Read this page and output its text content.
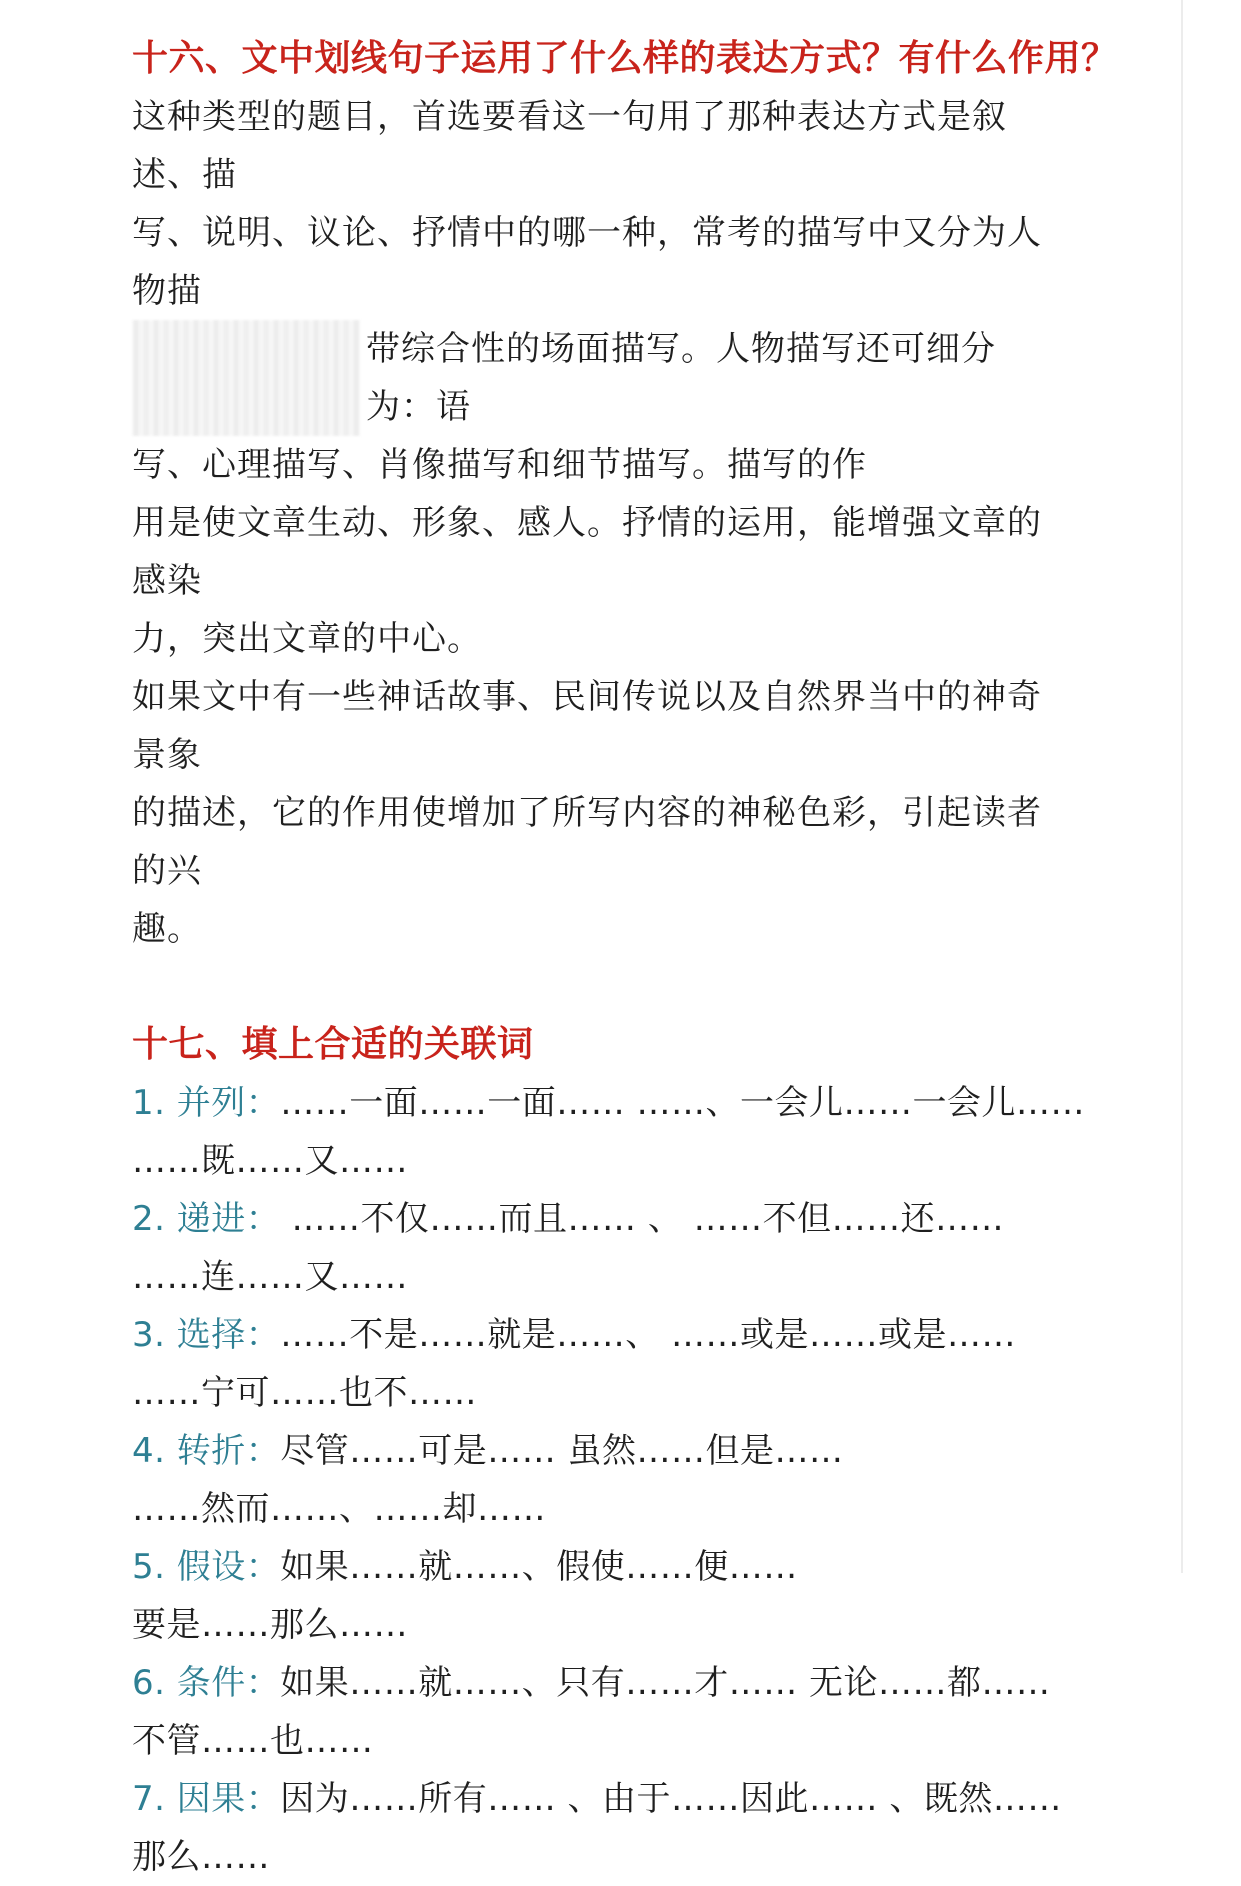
十六、文中划线句子运用了什么样的表达方式？有什么作用？
这种类型的题目，首选要看这一句用了那种表达方式是叙述、描
写、说明、议论、抒情中的哪一种，常考的描写中又分为人物描
带综合性的场面描写。人物描写还可细分为：语
写、心理描写、肖像描写和细节描写。描写的作
用是使文章生动、形象、感人。抒情的运用，能增强文章的感染
力，突出文章的中心。
如果文中有一些神话故事、民间传说以及自然界当中的神奇景象
的描述，它的作用使增加了所写内容的神秘色彩，引起读者的兴
趣。
十七、填上合适的关联词
1. 并列：……一面……一面…… ……、一会儿……一会儿……
……既……又……
2. 递进： ……不仅……而且…… 、 ……不但……还……
……连……又……
3. 选择：……不是……就是……、 ……或是……或是……
……宁可……也不……
4. 转折：尽管……可是…… 虽然……但是……
……然而……、……却……
5. 假设：如果……就……、假使……便……
要是……那么……
6. 条件：如果……就……、只有……才…… 无论……都……
不管……也……
7. 因果：因为……所有…… 、由于……因此…… 、既然……
那么……
